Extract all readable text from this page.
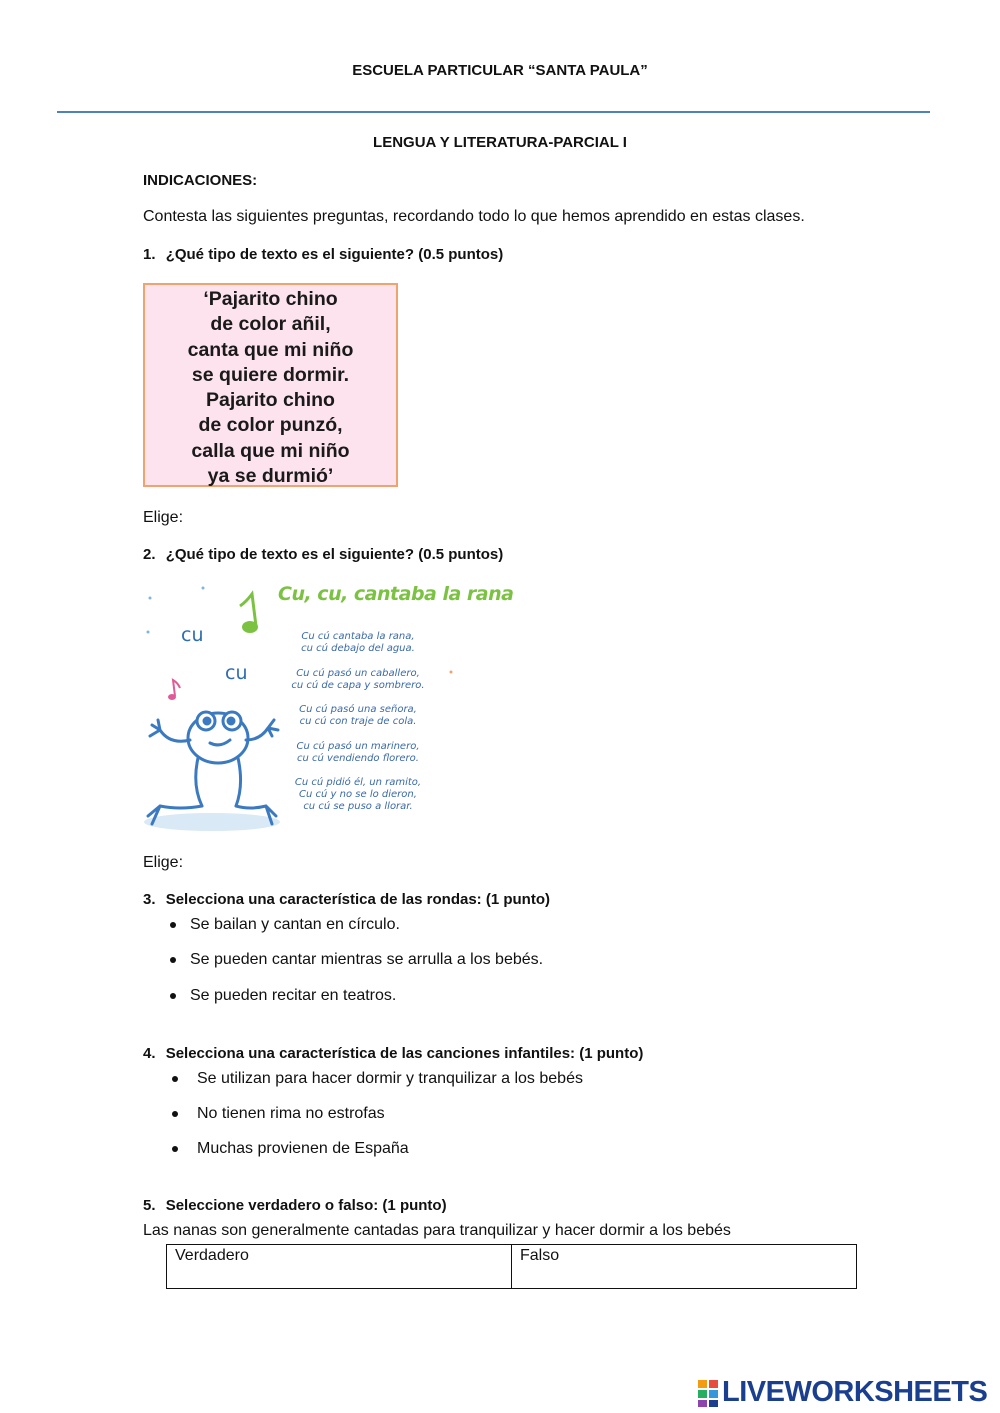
ESCUELA PARTICULAR “SANTA PAULA”
LENGUA Y LITERATURA-PARCIAL I
INDICACIONES:
Contesta las siguientes preguntas, recordando todo lo que hemos aprendido en estas clases.
1. ¿Qué tipo de texto es el siguiente? (0.5 puntos)
‘Pajarito chino
de color añil,
canta que mi niño
se quiere dormir.
Pajarito chino
de color punzó,
calla que mi niño
ya se durmió’
Elige:
2. ¿Qué tipo de texto es el siguiente? (0.5 puntos)
Cu, cu, cantaba la rana
cu
cu
Cu cú cantaba la rana,
cu cú debajo del agua.
Cu cú pasó un caballero,
cu cú de capa y sombrero.
Cu cú pasó una señora,
cu cú con traje de cola.
Cu cú pasó un marinero,
cu cú vendiendo florero.
Cu cú pidió él, un ramito,
Cu cú y no se lo dieron,
cu cú se puso a llorar.
Elige:
3. Selecciona una característica de las rondas: (1 punto)
Se bailan y cantan en círculo.
Se pueden cantar mientras se arrulla a los bebés.
Se pueden recitar en teatros.
4. Selecciona una característica de las canciones infantiles: (1 punto)
Se utilizan para hacer dormir y tranquilizar a los bebés
No tienen rima no estrofas
Muchas provienen de España
5. Seleccione verdadero o falso: (1 punto)
Las nanas son generalmente cantadas para tranquilizar y hacer dormir a los bebés
Verdadero	Falso
LIVEWORKSHEETS
